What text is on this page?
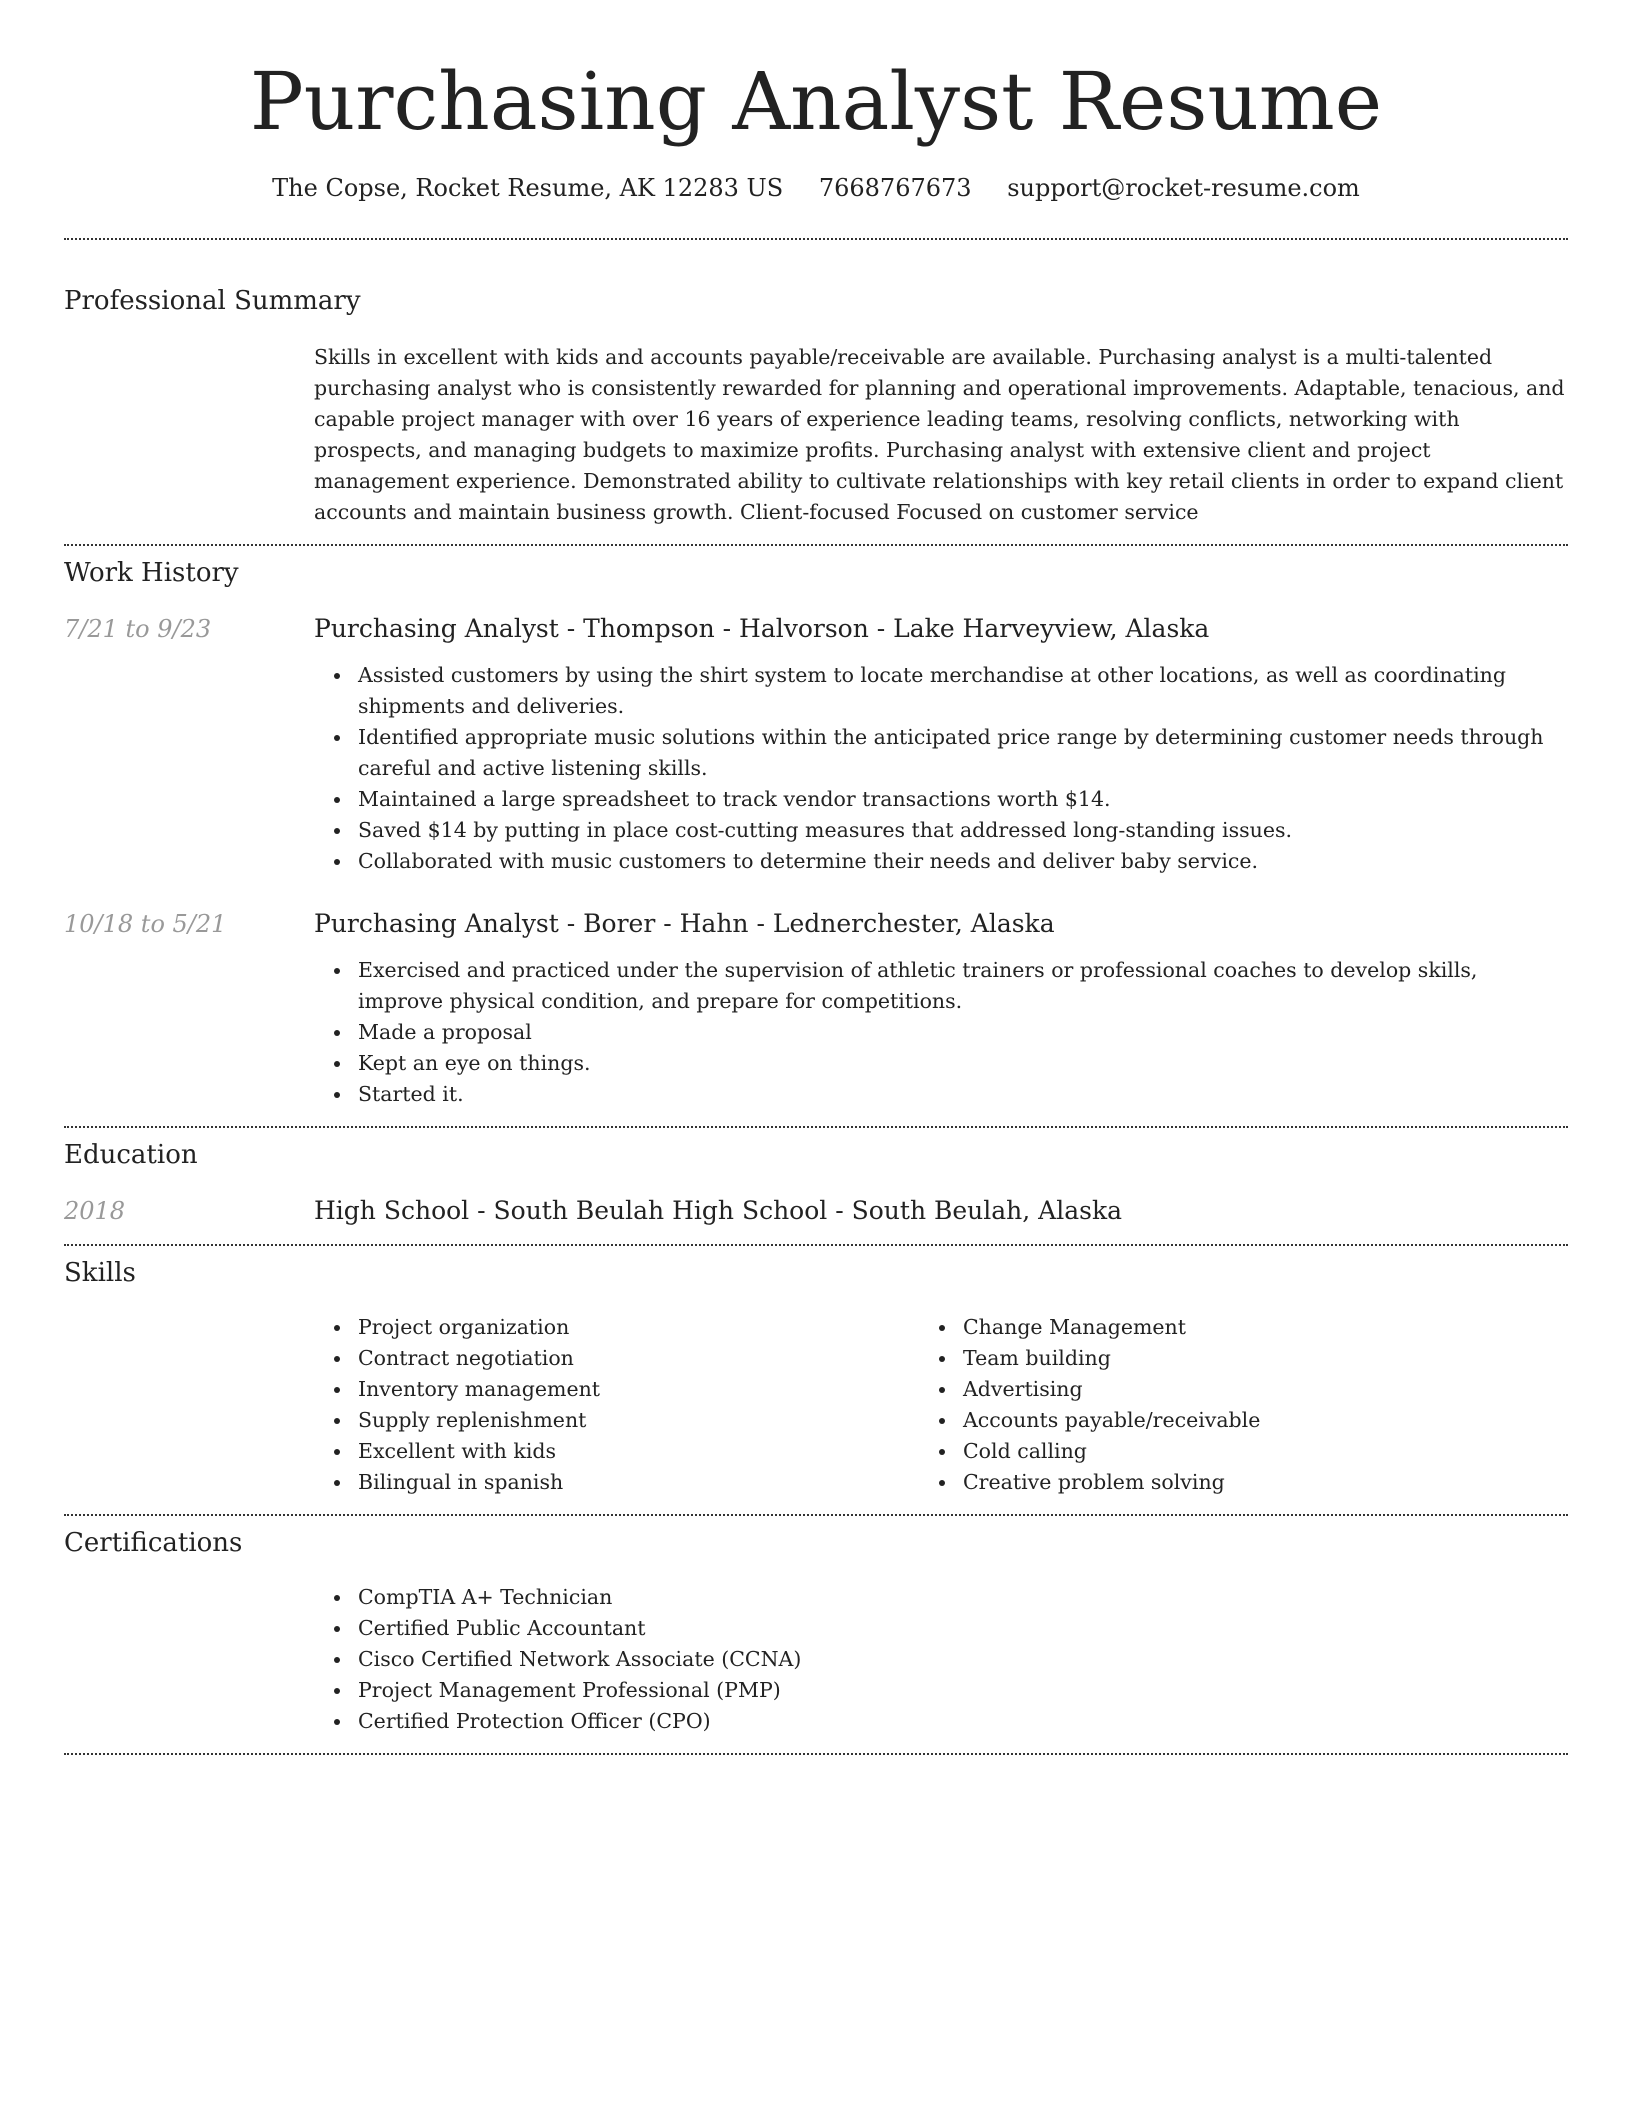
Purchasing Analyst Resume
The Copse, Rocket Resume, AK 12283 US 7668767673 support@rocket-resume.com
Professional Summary

Skills in excellent with kids and accounts payable/receivable are available. Purchasing analyst is a multi-talented purchasing analyst who is consistently rewarded for planning and operational improvements. Adaptable, tenacious, and capable project manager with over 16 years of experience leading teams, resolving conflicts, networking with prospects, and managing budgets to maximize profits. Purchasing analyst with extensive client and project management experience. Demonstrated ability to cultivate relationships with key retail clients in order to expand client accounts and maintain business growth. Client-focused Focused on customer service

Work History
7/21 to 9/23	Purchasing Analyst - Thompson - Halvorson - Lake Harveyview, Alaska
Assisted customers by using the shirt system to locate merchandise at other locations, as well as coordinating shipments and deliveries.
Identified appropriate music solutions within the anticipated price range by determining customer needs through careful and active listening skills.
Maintained a large spreadsheet to track vendor transactions worth $14.
Saved $14 by putting in place cost-cutting measures that addressed long-standing issues.
Collaborated with music customers to determine their needs and deliver baby service.
10/18 to 5/21	Purchasing Analyst - Borer - Hahn - Lednerchester, Alaska
Exercised and practiced under the supervision of athletic trainers or professional coaches to develop skills, improve physical condition, and prepare for competitions.
Made a proposal
Kept an eye on things.
Started it.
Education
2018	High School - South Beulah High School - South Beulah, Alaska
Skills
Project organization
Contract negotiation
Inventory management
Supply replenishment
Excellent with kids
Bilingual in spanish
Change Management
Team building
Advertising
Accounts payable/receivable
Cold calling
Creative problem solving
Certifications
CompTIA A+ Technician
Certified Public Accountant
Cisco Certified Network Associate (CCNA)
Project Management Professional (PMP)
Certified Protection Officer (CPO)
